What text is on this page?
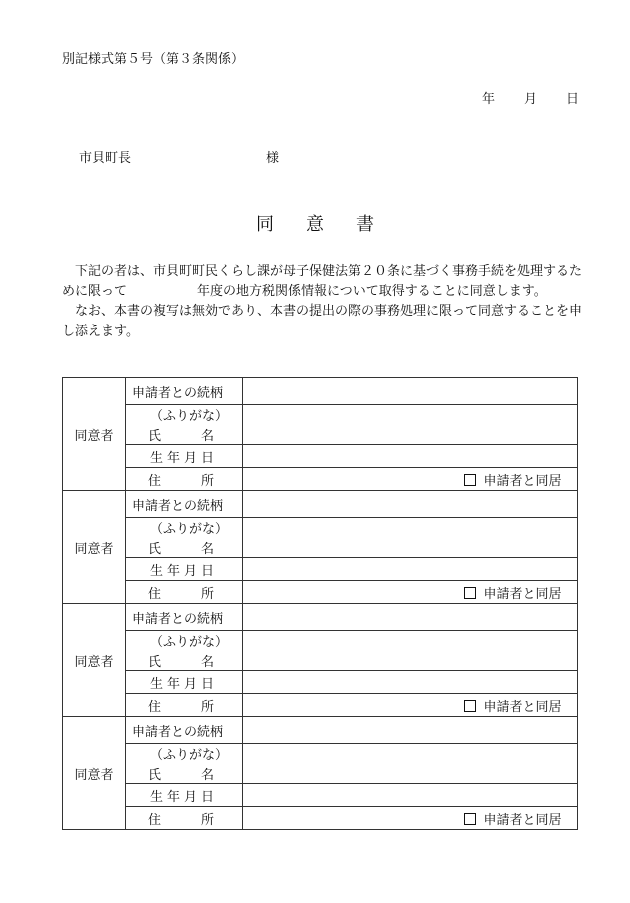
別記様式第５号（第３条関係）
年 月 日
市貝町長	様
同 意 書

下記の者は、市貝町町民くらし課が母子保健法第２０条に基づく事務手続を処理するために限って	年度の地方税関係情報について取得することに同意します。

なお、本書の複写は無効であり、本書の提出の際の事務処理に限って同意することを申し添えます。

同意者	申請者との続柄		
	（ふりがな）		

	氏 名		

	生 年 月 日		

	住 所		申請者と同居
同意者	申請者との続柄		
	（ふりがな）		

	氏 名		

	生 年 月 日		

	住 所		申請者と同居
同意者	申請者との続柄		
	（ふりがな）		

	氏 名		

	生 年 月 日		

	住 所		申請者と同居
同意者	申請者との続柄		
	（ふりがな）		

	氏 名		

	生 年 月 日		

	住 所		申請者と同居
